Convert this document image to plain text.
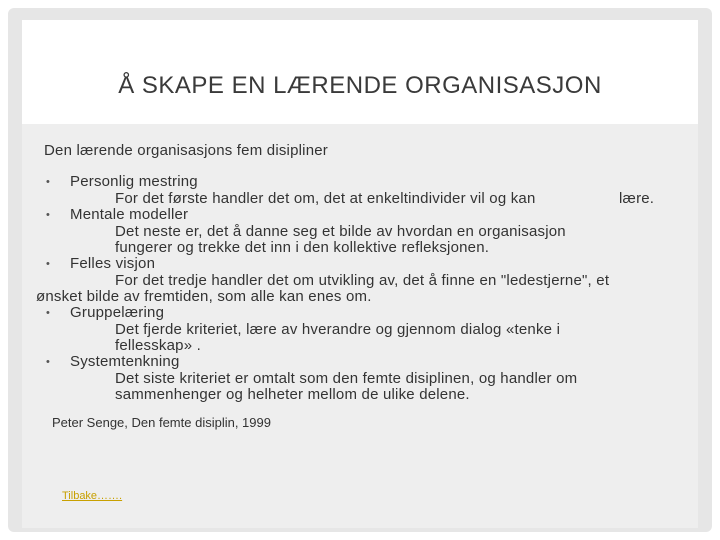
Å SKAPE EN LÆRENDE ORGANISASJON
Den lærende organisasjons fem disipliner
• Personlig mestring
For det første handler det om, det at enkeltindivider vil og kan	lære.
• Mentale modeller
Det neste er, det å danne seg et bilde av hvordan en organisasjon
fungerer og trekke det inn i den kollektive refleksjonen.
• Felles visjon
For det tredje handler det om utvikling av, det å finne en "ledestjerne", et
ønsket bilde av fremtiden, som alle kan enes om.
• Gruppelæring
Det fjerde kriteriet, lære av hverandre og gjennom dialog «tenke i
fellesskap» .
• Systemtenkning
Det siste kriteriet er omtalt som den femte disiplinen, og handler om
sammenhenger og helheter mellom de ulike delene.
Peter Senge, Den femte disiplin, 1999
Tilbake…….
